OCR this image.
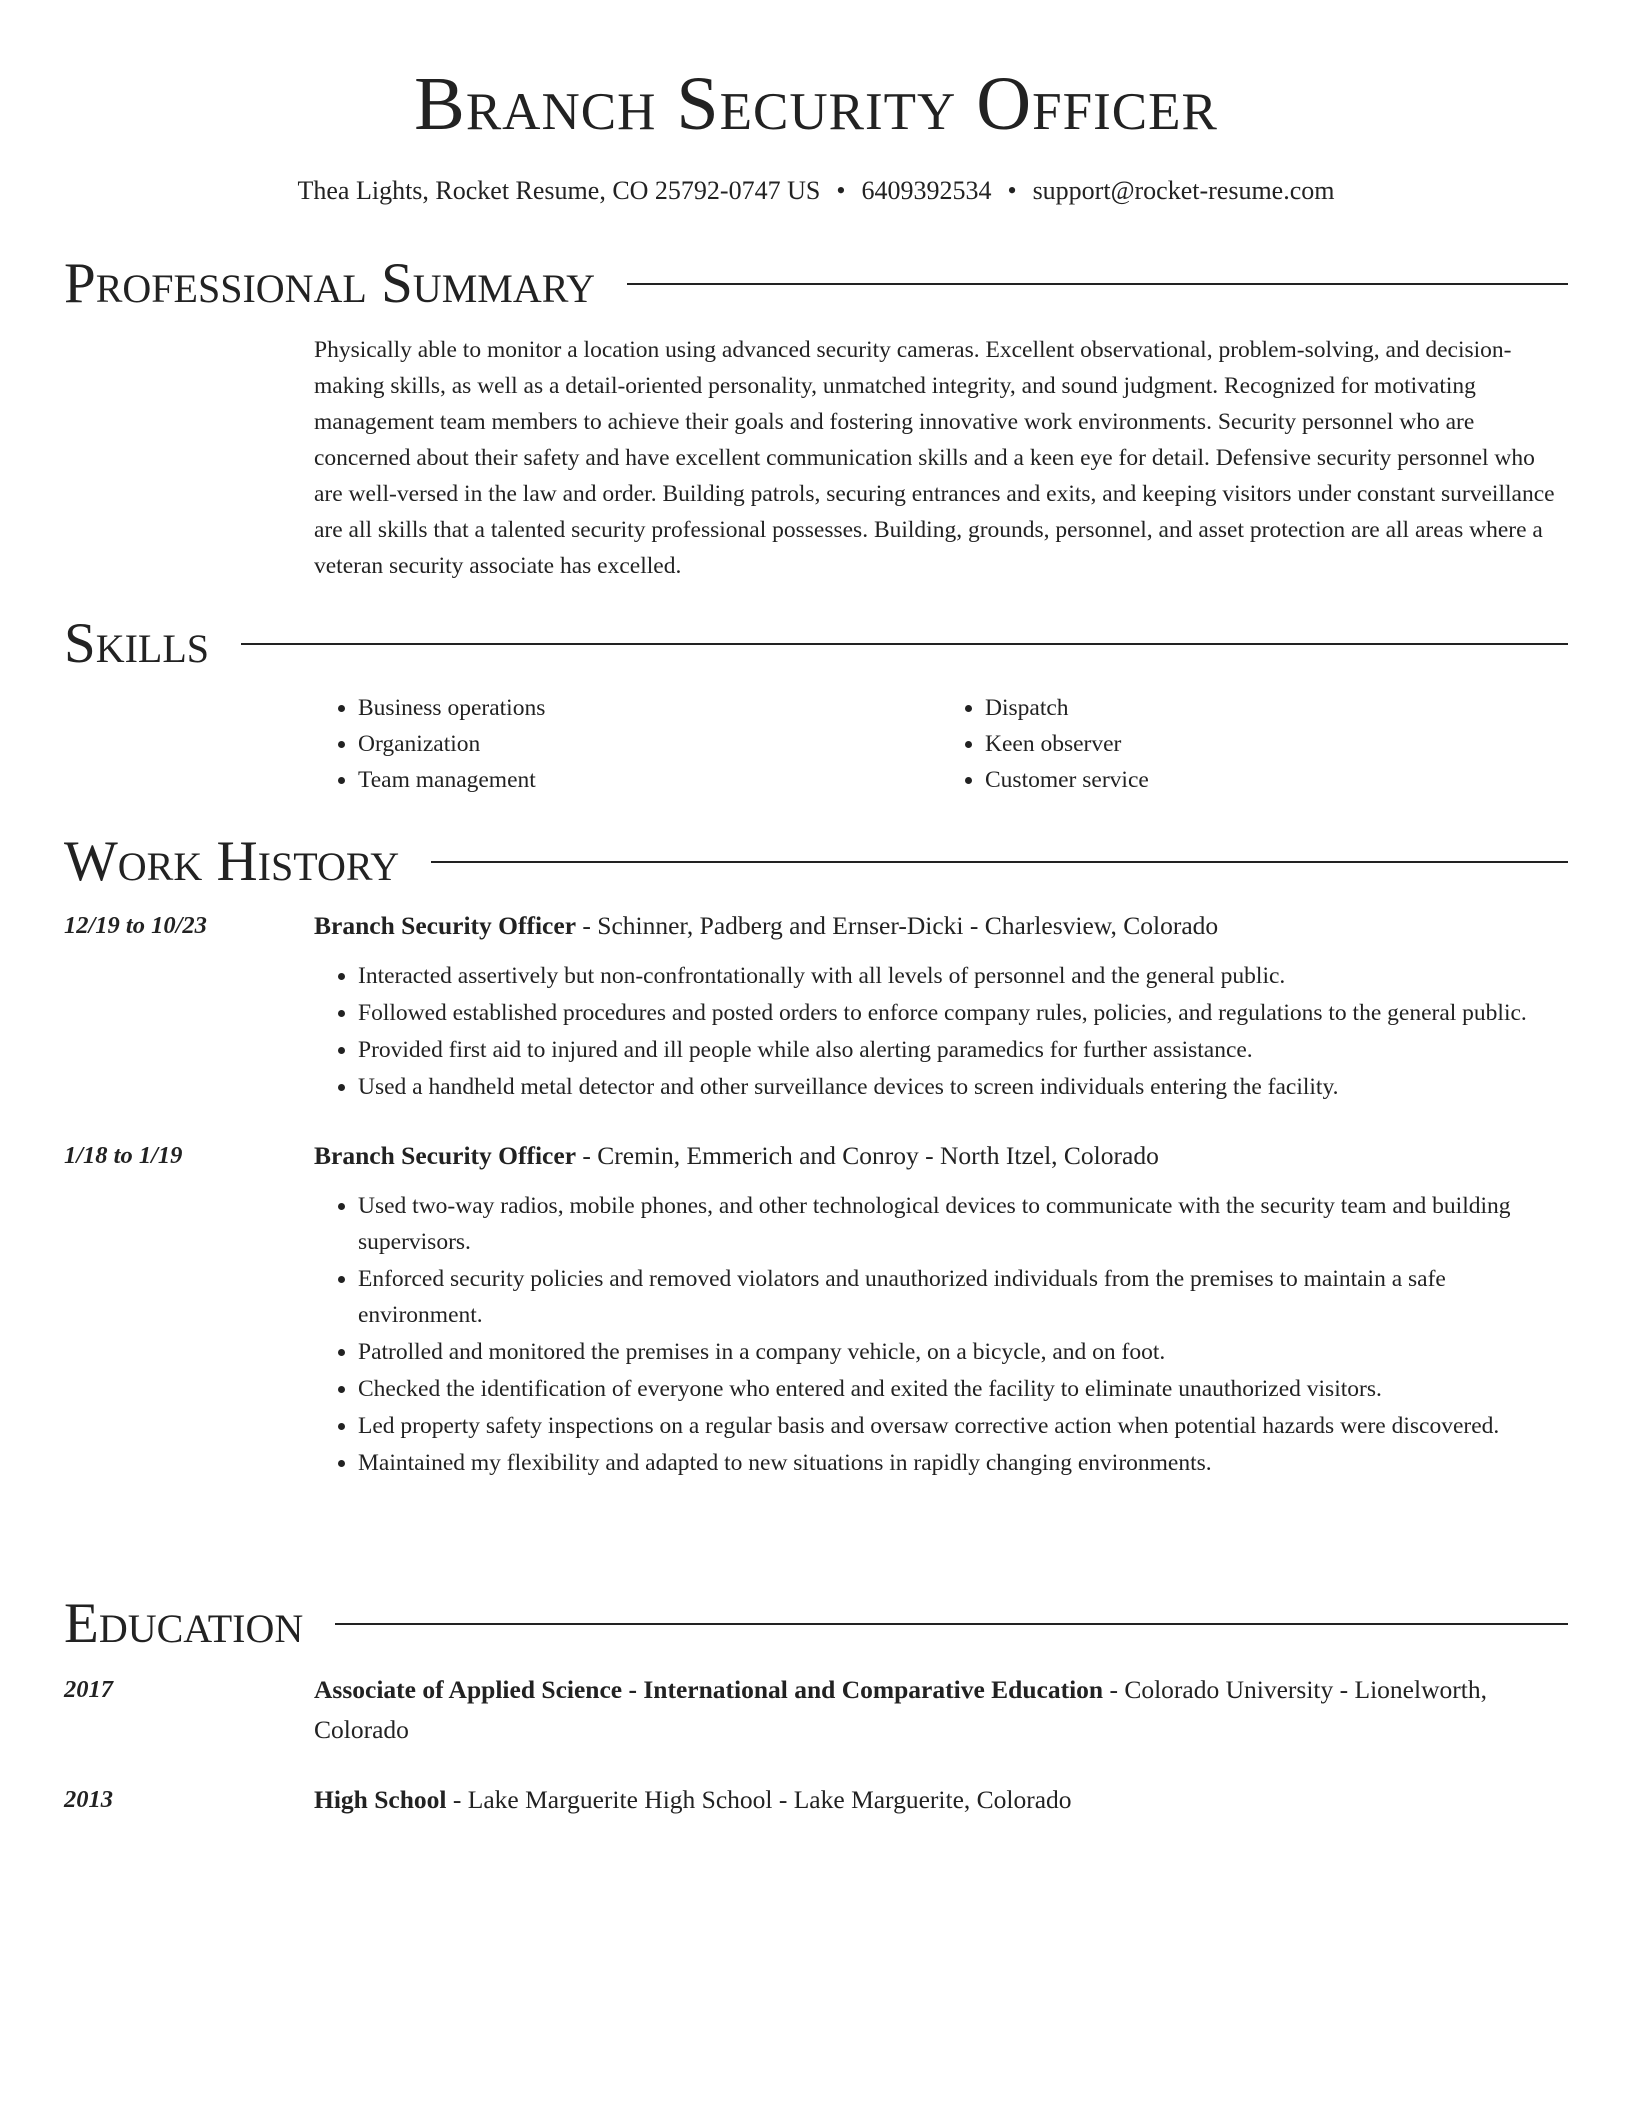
Branch Security Officer
Thea Lights, Rocket Resume, CO 25792-0747 US • 6409392534 • support@rocket-resume.com
Professional Summary
Physically able to monitor a location using advanced security cameras. Excellent observational, problem-solving, and decision-making skills, as well as a detail-oriented personality, unmatched integrity, and sound judgment. Recognized for motivating management team members to achieve their goals and fostering innovative work environments. Security personnel who are concerned about their safety and have excellent communication skills and a keen eye for detail. Defensive security personnel who are well-versed in the law and order. Building patrols, securing entrances and exits, and keeping visitors under constant surveillance are all skills that a talented security professional possesses. Building, grounds, personnel, and asset protection are all areas where a veteran security associate has excelled.
Skills
• Business operations
• Organization
• Team management
• Dispatch
• Keen observer
• Customer service
Work History
12/19 to 10/23	Branch Security Officer - Schinner, Padberg and Ernser-Dicki - Charlesview, Colorado
• Interacted assertively but non-confrontationally with all levels of personnel and the general public.
• Followed established procedures and posted orders to enforce company rules, policies, and regulations to the general public.
• Provided first aid to injured and ill people while also alerting paramedics for further assistance.
• Used a handheld metal detector and other surveillance devices to screen individuals entering the facility.
1/18 to 1/19	Branch Security Officer - Cremin, Emmerich and Conroy - North Itzel, Colorado
• Used two-way radios, mobile phones, and other technological devices to communicate with the security team and building supervisors.
• Enforced security policies and removed violators and unauthorized individuals from the premises to maintain a safe environment.
• Patrolled and monitored the premises in a company vehicle, on a bicycle, and on foot.
• Checked the identification of everyone who entered and exited the facility to eliminate unauthorized visitors.
• Led property safety inspections on a regular basis and oversaw corrective action when potential hazards were discovered.
• Maintained my flexibility and adapted to new situations in rapidly changing environments.
Education
2017	Associate of Applied Science - International and Comparative Education - Colorado University - Lionelworth, Colorado
2013	High School - Lake Marguerite High School - Lake Marguerite, Colorado
